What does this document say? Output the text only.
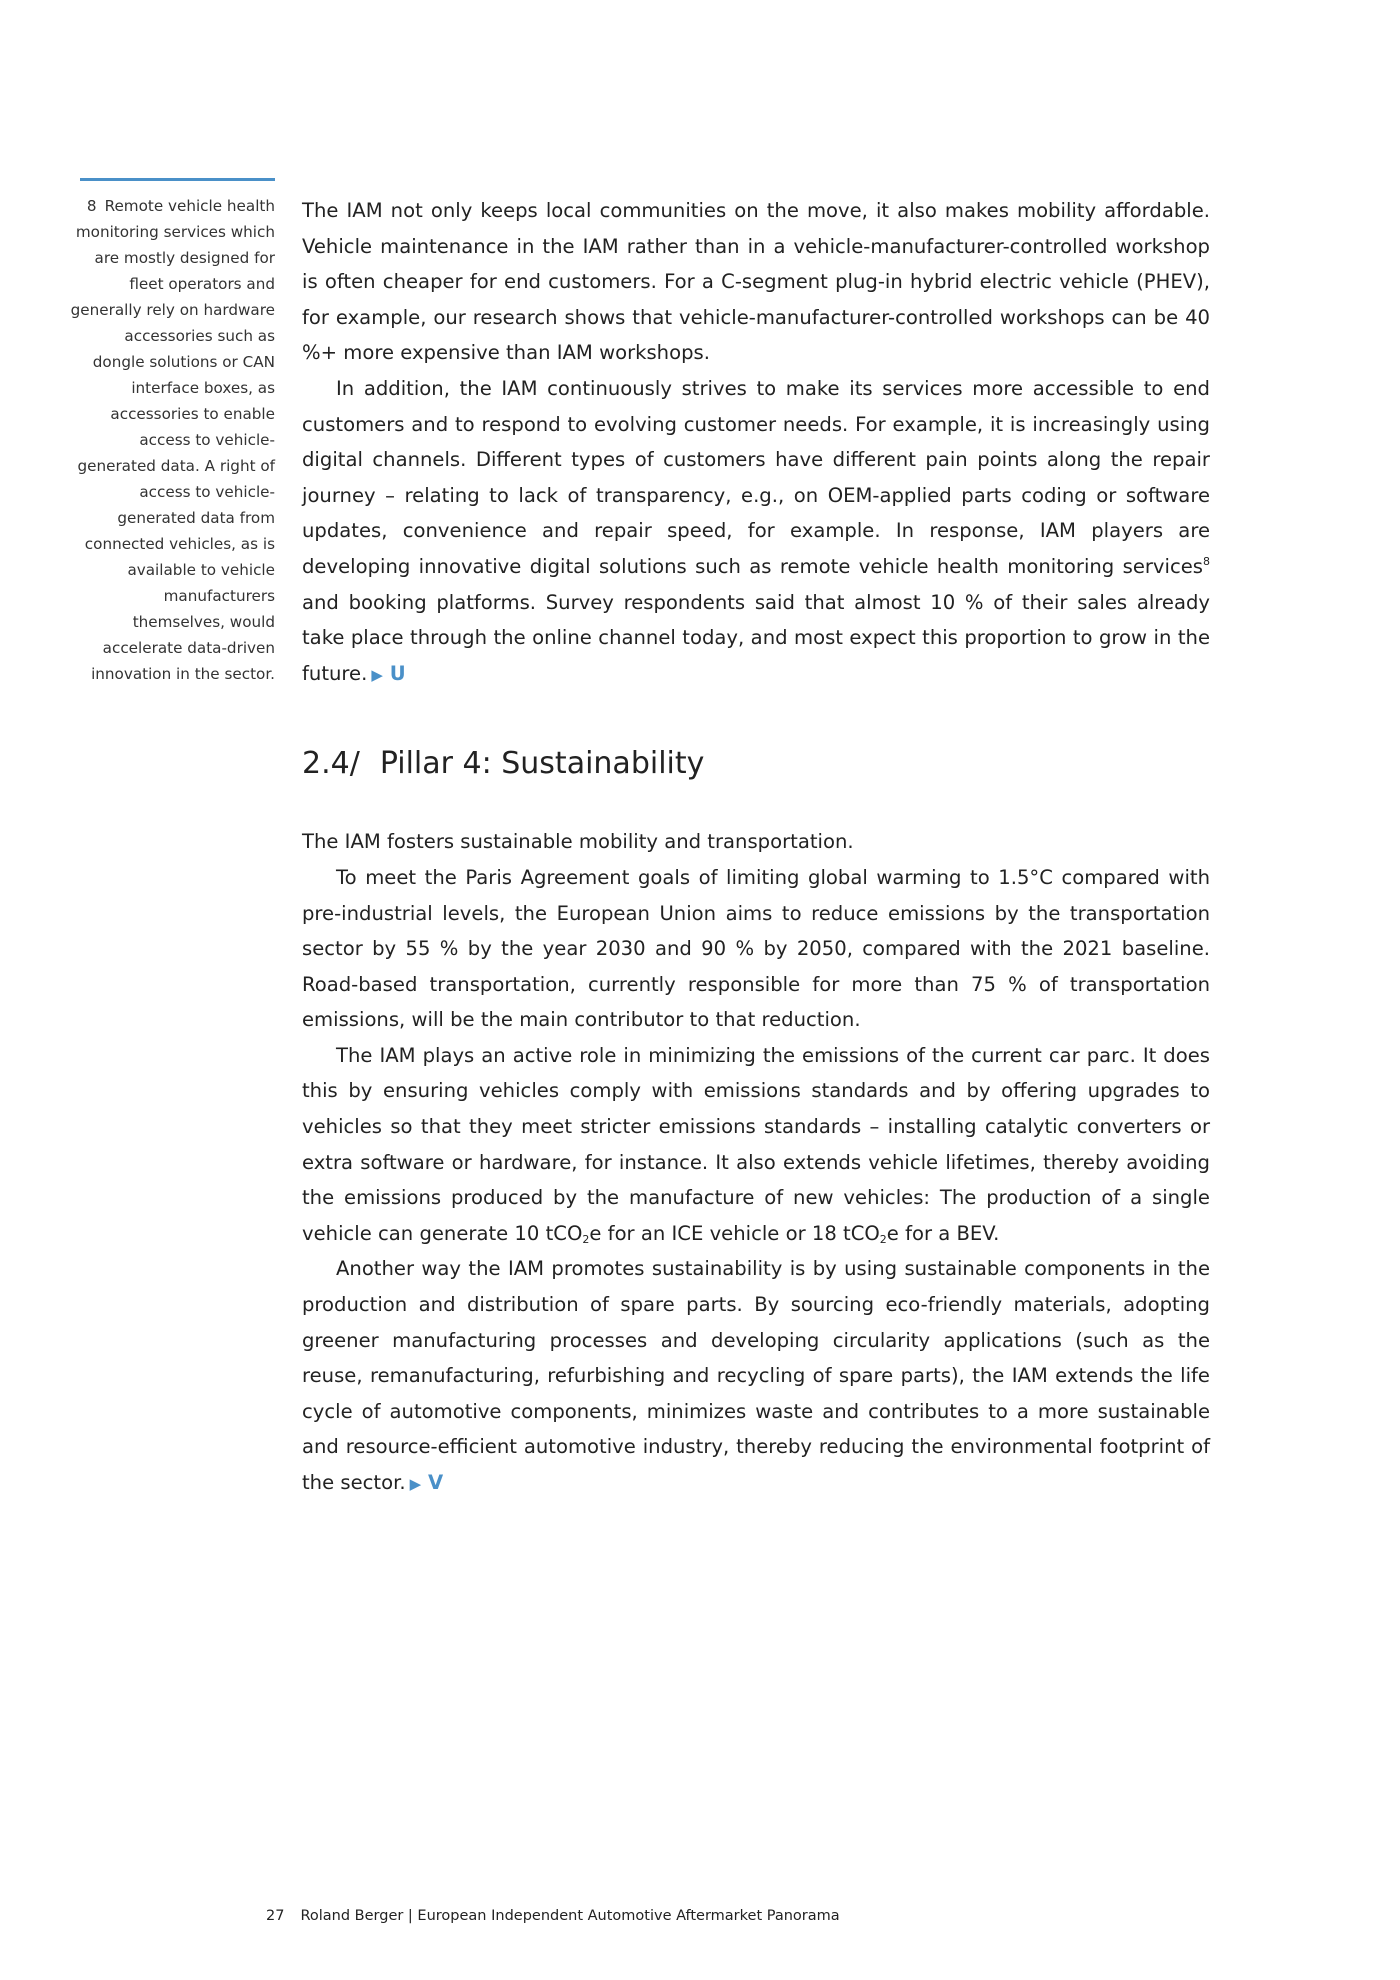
8 Remote vehicle health monitoring services which are mostly designed for fleet operators and generally rely on hardware accessories such as dongle solutions or CAN interface boxes, as accessories to enable access to vehicle-generated data. A right of access to vehicle-generated data from connected vehicles, as is available to vehicle manufacturers themselves, would accelerate data-driven innovation in the sector.

The IAM not only keeps local communities on the move, it also makes mobility affordable. Vehicle maintenance in the IAM rather than in a vehicle-manufacturer-controlled workshop is often cheaper for end customers. For a C-segment plug-in hybrid electric vehicle (PHEV), for example, our research shows that vehicle-manufacturer-controlled workshops can be 40 %+ more expensive than IAM workshops.

In addition, the IAM continuously strives to make its services more accessible to end customers and to respond to evolving customer needs. For example, it is increasingly using digital channels. Different types of customers have different pain points along the repair journey – relating to lack of transparency, e.g., on OEM-applied parts coding or software updates, convenience and repair speed, for example. In response, IAM players are developing innovative digital solutions such as remote vehicle health monitoring services$^8$ and booking platforms. Survey respondents said that almost 10 % of their sales already take place through the online channel today, and most expect this proportion to grow in the future. ▶ U

2.4/ Pillar 4: Sustainability

The IAM fosters sustainable mobility and transportation.

To meet the Paris Agreement goals of limiting global warming to 1.5°C compared with pre-industrial levels, the European Union aims to reduce emissions by the transportation sector by 55 % by the year 2030 and 90 % by 2050, compared with the 2021 baseline. Road-based transportation, currently responsible for more than 75 % of transportation emissions, will be the main contributor to that reduction.

The IAM plays an active role in minimizing the emissions of the current car parc. It does this by ensuring vehicles comply with emissions standards and by offering upgrades to vehicles so that they meet stricter emissions standards – installing catalytic converters or extra software or hardware, for instance. It also extends vehicle lifetimes, thereby avoiding the emissions produced by the manufacture of new vehicles: The production of a single vehicle can generate 10 tCO$_2$e for an ICE vehicle or 18 tCO$_2$e for a BEV.

Another way the IAM promotes sustainability is by using sustainable components in the production and distribution of spare parts. By sourcing eco-friendly materials, adopting greener manufacturing processes and developing circularity applications (such as the reuse, remanufacturing, refurbishing and recycling of spare parts), the IAM extends the life cycle of automotive components, minimizes waste and contributes to a more sustainable and resource-efficient automotive industry, thereby reducing the environmental footprint of the sector. ▶ V

27 Roland Berger | European Independent Automotive Aftermarket Panorama
